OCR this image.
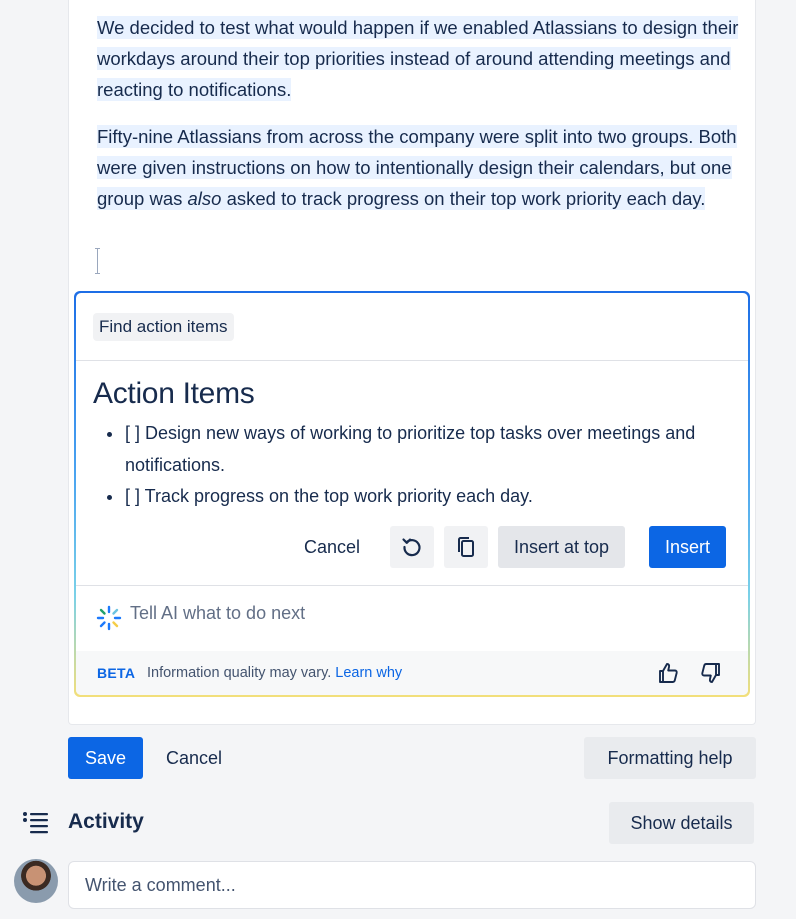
We decided to test what would happen if we enabled Atlassians to design their workdays around their top priorities instead of around attending meetings and reacting to notifications.

Fifty-nine Atlassians from across the company were split into two groups. Both were given instructions on how to intentionally design their calendars, but one group was also asked to track progress on their top work priority each day.

Find action items
Action Items
• [ ] Design new ways of working to prioritize top tasks over meetings and notifications.
• [ ] Track progress on the top work priority each day.
Cancel	Insert at top	Insert
Tell AI what to do next
BETA Information quality may vary. Learn why
Save	Cancel	Formatting help
Activity	Show details
Write a comment...
